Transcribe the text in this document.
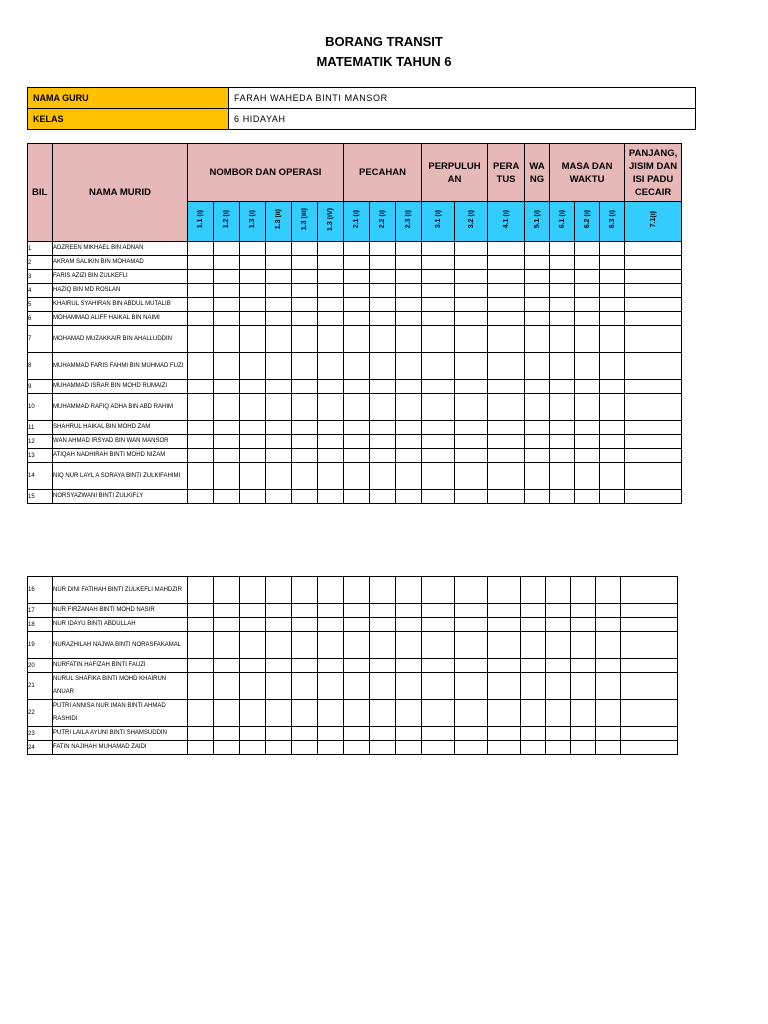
BORANG TRANSIT
MATEMATIK TAHUN 6
NAMA GURU	FARAH WAHEDA BINTI MANSOR
KELAS	6 HIDAYAH
BIL	NAMA MURID	NOMBOR DAN OPERASI						PECAHAN			PERPULUH AN		PERA TUS	WA NG	MASA DAN WAKTU			PANJANG, JISIM DAN ISI PADU CECAIR
		1.1 (i)	1.2 (i)	1.3 (i)	1.3 (ii)	1.3 (iii)	1.3 (iV)	2.1 (i)	2.2 (i)	2.3 (i)	3.1 (i)	3.2 (i)	4.1 (i)	5.1 (i)	6.1 (i)	6.2 (i)	6.3 (i)	7.1(i)
1	ADZREEN MIKHAEL BIN ADNAN																	
2	AKRAM SALIKIN BIN MOHAMAD																	
3	FARIS AZIZI BIN ZULKEFLI																	
4	HAZIQ BIN MD ROSLAN																	
5	KHAIRUL SYAHIRAN BIN ABDUL MUTALIB																	
6	MOHAMMAD ALIFF HAIKAL BIN NAIMI																	
7	MOHAMAD MUZAKKAIR BIN AHALLUDDIN																	
8	MUHAMMAD FARIS FAHMI BIN MUHMAD FUZI																	
9	MUHAMMAD ISRAR BIN MOHD RUMAIZI																	
10	MUHAMMAD RAFIQ ADHA BIN ABD RAHIM																	
11	SHAHRUL HAIKAL BIN MOHD ZAM																	
12	WAN AHMAD IRSYAD BIN WAN MANSOR																	
13	ATIQAH NADHIRAH BINTI MOHD NIZAM																	
14	NIQ NUR LAYL A SORAYA BINTI ZULKIFAHIMI																	
15	NORSYAZWANI BINTI ZULKIFLY																	
16	NUR DINI FATIHAH BINTI ZULKEFLI MAHDZIR																	
17	NUR FIRZANAH BINTI MOHD NASIR																	
18	NUR IDAYU BINTI ABDULLAH																	
19	NURAZHILAH NAJWA BINTI NORASFAKAMAL																	
20	NURFATIN HAFIZAH BINTI FAUZI																	
21	NURUL SHAFIKA BINTI MOHD KHAIRUN ANUAR																	
22	PUTRI ANNISA NUR IMAN BINTI AHMAD RASHIDI																	
23	PUTRI LAILA AYUNI BINTI SHAMSUDDIN																	
24	FATIN NAJIHAH MUHAMAD ZAIDI																	
